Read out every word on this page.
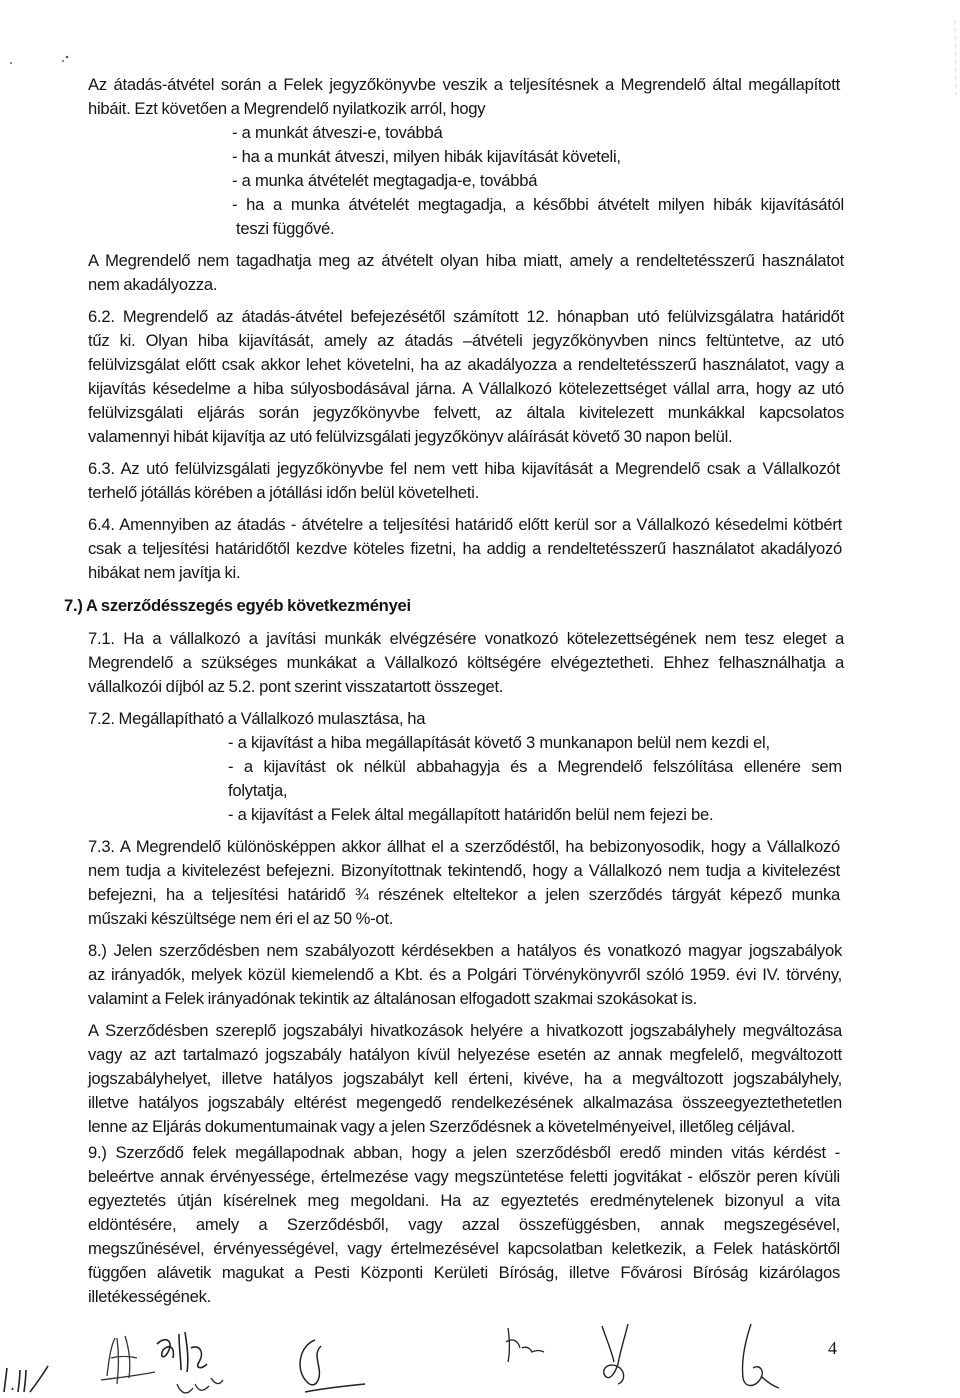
Az átadás-átvétel során a Felek jegyzőkönyvbe veszik a teljesítésnek a Megrendelő által megállapított

hibáit. Ezt követően a Megrendelő nyilatkozik arról, hogy

- a munkát átveszi-e, továbbá

- ha a munkát átveszi, milyen hibák kijavítását követeli,

- a munka átvételét megtagadja-e, továbbá

- ha a munka átvételét megtagadja, a későbbi átvételt milyen hibák kijavításától

teszi függővé.

A Megrendelő nem tagadhatja meg az átvételt olyan hiba miatt, amely a rendeltetésszerű használatot

nem akadályozza.

6.2. Megrendelő az átadás-átvétel befejezésétől számított 12. hónapban utó felülvizsgálatra határidőt

tűz ki. Olyan hiba kijavítását, amely az átadás –átvételi jegyzőkönyvben nincs feltüntetve, az utó

felülvizsgálat előtt csak akkor lehet követelni, ha az akadályozza a rendeltetésszerű használatot, vagy a

kijavítás késedelme a hiba súlyosbodásával járna. A Vállalkozó kötelezettséget vállal arra, hogy az utó

felülvizsgálati eljárás során jegyzőkönyvbe felvett, az általa kivitelezett munkákkal kapcsolatos

valamennyi hibát kijavítja az utó felülvizsgálati jegyzőkönyv aláírását követő 30 napon belül.

6.3. Az utó felülvizsgálati jegyzőkönyvbe fel nem vett hiba kijavítását a Megrendelő csak a Vállalkozót

terhelő jótállás körében a jótállási időn belül követelheti.

6.4. Amennyiben az átadás - átvételre a teljesítési határidő előtt kerül sor a Vállalkozó késedelmi kötbért

csak a teljesítési határidőtől kezdve köteles fizetni, ha addig a rendeltetésszerű használatot akadályozó

hibákat nem javítja ki.

7.) A szerződésszegés egyéb következményei

7.1. Ha a vállalkozó a javítási munkák elvégzésére vonatkozó kötelezettségének nem tesz eleget a

Megrendelő a szükséges munkákat a Vállalkozó költségére elvégeztetheti. Ehhez felhasználhatja a

vállalkozói díjból az 5.2. pont szerint visszatartott összeget.

7.2. Megállapítható a Vállalkozó mulasztása, ha

- a kijavítást a hiba megállapítását követő 3 munkanapon belül nem kezdi el,

- a kijavítást ok nélkül abbahagyja és a Megrendelő felszólítása ellenére sem

folytatja,

- a kijavítást a Felek által megállapított határidőn belül nem fejezi be.

7.3. A Megrendelő különösképpen akkor állhat el a szerződéstől, ha bebizonyosodik, hogy a Vállalkozó

nem tudja a kivitelezést befejezni. Bizonyítottnak tekintendő, hogy a Vállalkozó nem tudja a kivitelezést

befejezni, ha a teljesítési határidő ¾ részének elteltekor a jelen szerződés tárgyát képező munka

műszaki készültsége nem éri el az 50 %-ot.

8.) Jelen szerződésben nem szabályozott kérdésekben a hatályos és vonatkozó magyar jogszabályok

az irányadók, melyek közül kiemelendő a Kbt. és a Polgári Törvénykönyvről szóló 1959. évi IV. törvény,

valamint a Felek irányadónak tekintik az általánosan elfogadott szakmai szokásokat is.

A Szerződésben szereplő jogszabályi hivatkozások helyére a hivatkozott jogszabályhely megváltozása

vagy az azt tartalmazó jogszabály hatályon kívül helyezése esetén az annak megfelelő, megváltozott

jogszabályhelyet, illetve hatályos jogszabályt kell érteni, kivéve, ha a megváltozott jogszabályhely,

illetve hatályos jogszabály eltérést megengedő rendelkezésének alkalmazása összeegyeztethetetlen

lenne az Eljárás dokumentumainak vagy a jelen Szerződésnek a követelményeivel, illetőleg céljával.

9.) Szerződő felek megállapodnak abban, hogy a jelen szerződésből eredő minden vitás kérdést -

beleértve annak érvényessége, értelmezése vagy megszüntetése feletti jogvitákat - először peren kívüli

egyeztetés útján kísérelnek meg megoldani. Ha az egyeztetés eredménytelenek bizonyul a vita

eldöntésére, amely a Szerződésből, vagy azzal összefüggésben, annak megszegésével,

megszűnésével, érvényességével, vagy értelmezésével kapcsolatban keletkezik, a Felek hatáskörtől

függően alávetik magukat a Pesti Központi Kerületi Bíróság, illetve Fővárosi Bíróság kizárólagos

illetékességének.

4
